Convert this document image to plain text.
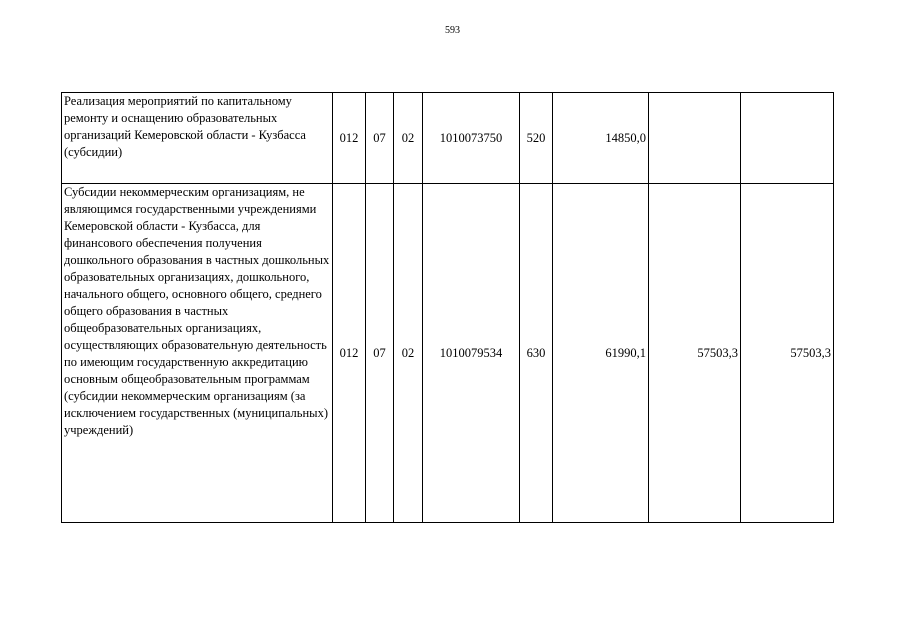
593
Реализация мероприятий по капитальному ремонту и оснащению образовательных организаций Кемеровской области - Кузбасса (субсидии)	012	07	02	1010073750	520	14850,0		
Субсидии некоммерческим организациям, не являющимся государственными учреждениями Кемеровской области - Кузбасса, для финансового обеспечения получения дошкольного образования в частных дошкольных образовательных организациях, дошкольного, начального общего, основного общего, среднего общего образования в частных общеобразовательных организациях, осуществляющих образовательную деятельность по имеющим государственную аккредитацию основным общеобразовательным программам (субсидии некоммерческим организациям (за исключением государственных (муниципальных) учреждений)	012	07	02	1010079534	630	61990,1	57503,3	57503,3
